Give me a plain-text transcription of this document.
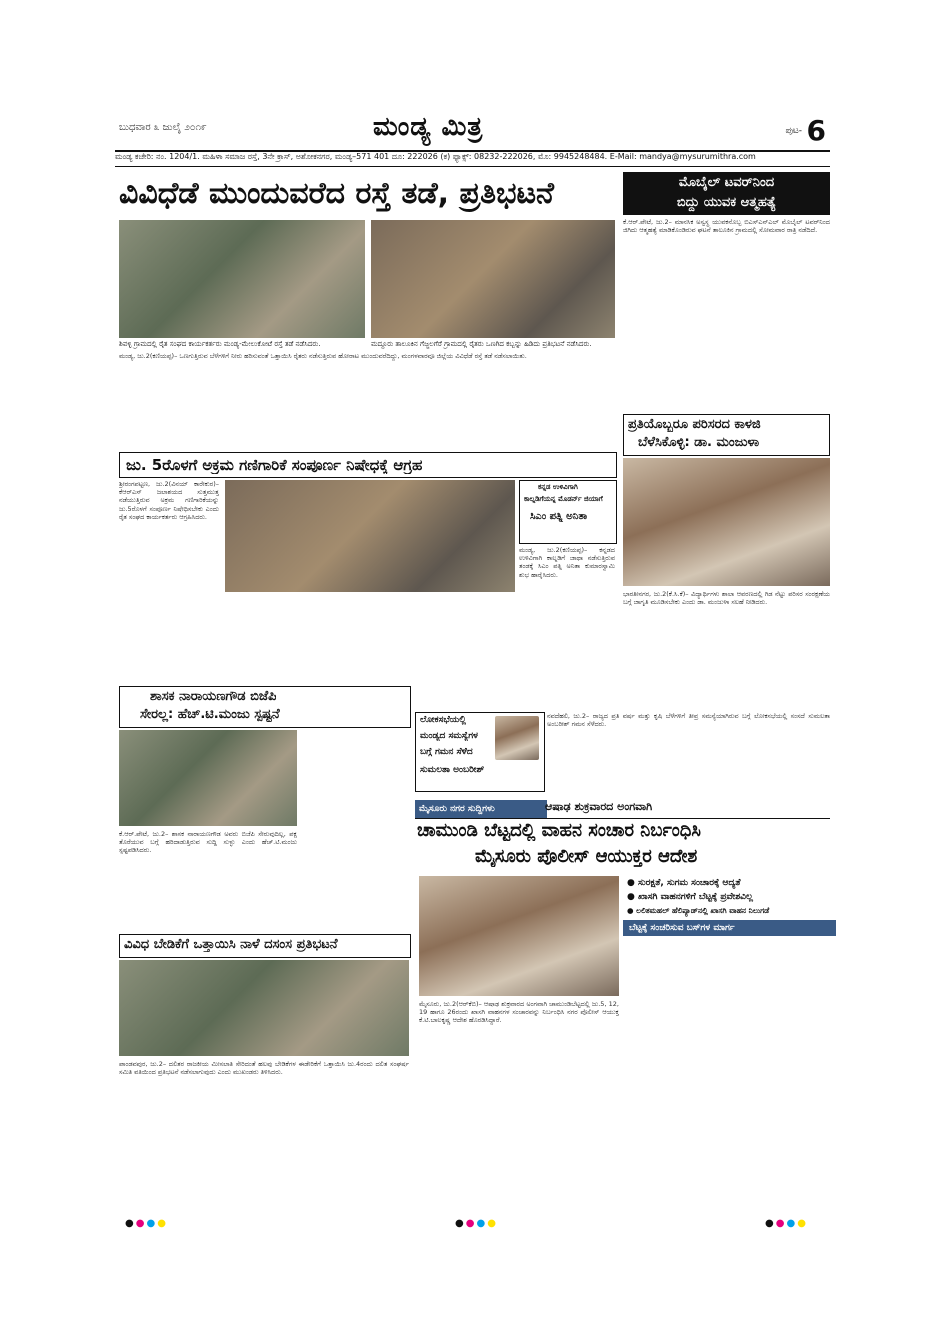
ಬುಧವಾರ ೩ ಜುಲೈ ೨೦೧೯	ಮಂಡ್ಯ ಮಿತ್ರ	ಪುಟ- 6
ಮಂಡ್ಯ ಕಚೇರಿ: ನಂ. 1204/1. ಮಹಿಳಾ ಸಮಾಜ ರಸ್ತೆ, 3ನೇ ಕ್ರಾಸ್, ಅಶೋಕನಗರ, ಮಂಡ್ಯ–571 401 ದೂ: 222026 (ಕ) ಫ್ಯಾಕ್ಸ್: 08232-222026, ಮೊ: 9945248484. E-Mail: mandya@mysurumithra.com
ವಿವಿಧೆಡೆ ಮುಂದುವರೆದ ರಸ್ತೆ ತಡೆ, ಪ್ರತಿಭಟನೆ
ಶಿವಳ್ಳಿ ಗ್ರಾಮದಲ್ಲಿ ರೈತ ಸಂಘದ ಕಾರ್ಯಕರ್ತರು ಮಂಡ್ಯ-ಮೇಲುಕೋಟೆ ರಸ್ತೆ ತಡೆ ನಡೆಸಿದರು.	ಮದ್ದೂರು ತಾಲೂಕಿನ ಗೆಜ್ಜಲಗೆರೆ ಗ್ರಾಮದಲ್ಲಿ ರೈತರು ಒಣಗಿದ ಕಬ್ಬನ್ನು ಹಿಡಿದು ಪ್ರತಿಭಟನೆ ನಡೆಸಿದರು.
ಮಂಡ್ಯ, ಜು.2(ಕಣಿಯಪ್ಪ)– ಒಣಗುತ್ತಿರುವ ಬೆಳೆಗಳಿಗೆ ನೀರು ಹರಿಸುವಂತೆ ಒತ್ತಾಯಿಸಿ ರೈತರು ನಡೆಸುತ್ತಿರುವ ಹೋರಾಟ ಮುಂದುವರೆದಿದ್ದು, ಮಂಗಳವಾರವೂ ಜಿಲ್ಲೆಯ ವಿವಿಧೆಡೆ ರಸ್ತೆ ತಡೆ ನಡೆಸಲಾಯಿತು.
ಮೊಬೈಲ್ ಟವರ್‌ನಿಂದ
ಬಿದ್ದು ಯುವಕ ಆತ್ಮಹತ್ಯೆ
ಕೆ.ಆರ್.ಪೇಟೆ, ಜು.2– ಮಾನಸಿಕ ಅಸ್ವಸ್ಥ ಯುವಕನೊಬ್ಬ ಬಿಎಸ್‌ಎನ್‌ಎಲ್ ಮೊಬೈಲ್ ಟವರ್‌ನಿಂದ ಜಿಗಿದು ಆತ್ಮಹತ್ಯೆ ಮಾಡಿಕೊಂಡಿರುವ ಘಟನೆ ತಾಲೂಕಿನ ಗ್ರಾಮದಲ್ಲಿ ಸೋಮವಾರ ರಾತ್ರಿ ನಡೆದಿದೆ.
ಪ್ರತಿಯೊಬ್ಬರೂ ಪರಿಸರದ ಕಾಳಜಿ
ಬೆಳೆಸಿಕೊಳ್ಳಿ: ಡಾ. ಮಂಜುಳಾ
ಭಾರತೀನಗರ, ಜು.2(ಕೆ.ಸಿ.ಕೆ)– ವಿದ್ಯಾರ್ಥಿಗಳು ಶಾಲಾ ಆವರಣದಲ್ಲಿ ಗಿಡ ನೆಟ್ಟು ಪರಿಸರ ಸಂರಕ್ಷಣೆಯ ಬಗ್ಗೆ ಜಾಗೃತಿ ಮೂಡಿಸಬೇಕು ಎಂದು ಡಾ. ಮಂಜುಳಾ ಸಲಹೆ ನೀಡಿದರು.
ಜು. 5ರೊಳಗೆ ಅಕ್ರಮ ಗಣಿಗಾರಿಕೆ ಸಂಪೂರ್ಣ ನಿಷೇಧಕ್ಕೆ ಆಗ್ರಹ
ಶ್ರೀರಂಗಪಟ್ಟಣ, ಜು.2(ವಿನಯ್ ಕಾರೇಕುರ)– ಕೆಆರ್‌ಎಸ್ ಜಲಾಶಯದ ಸುತ್ತಮುತ್ತ ನಡೆಯುತ್ತಿರುವ ಅಕ್ರಮ ಗಣಿಗಾರಿಕೆಯನ್ನು ಜು.5ರೊಳಗೆ ಸಂಪೂರ್ಣ ನಿಷೇಧಿಸಬೇಕು ಎಂದು ರೈತ ಸಂಘದ ಕಾರ್ಯಕರ್ತರು ಆಗ್ರಹಿಸಿದರು.
ಕನ್ನಡ ಉಳಿವಿಗಾಗಿ
ಕಾಲ್ನಡಿಗೆಯನ್ನ ಮೊಡರ್ನ್ ಜಿಯಾಗೆ
ಸಿಎಂ ಪತ್ನಿ ಅನಿತಾ
ಮಂಡ್ಯ, ಜು.2(ಕಣಿಯಪ್ಪ)– ಕನ್ನಡದ ಉಳಿವಿಗಾಗಿ ಕಾಲ್ನಡಿಗೆ ಜಾಥಾ ನಡೆಸುತ್ತಿರುವ ತಂಡಕ್ಕೆ ಸಿಎಂ ಪತ್ನಿ ಅನಿತಾ ಕುಮಾರಸ್ವಾಮಿ ಶುಭ ಹಾರೈಸಿದರು.
ಶಾಸಕ ನಾರಾಯಣಗೌಡ ಬಿಜೆಪಿ
ಸೇರಲ್ಲ: ಹೆಚ್.ಟಿ.ಮಂಜು ಸ್ಪಷ್ಟನೆ
ಕೆ.ಆರ್.ಪೇಟೆ, ಜು.2– ಶಾಸಕ ನಾರಾಯಣಗೌಡ ಅವರು ಬಿಜೆಪಿ ಸೇರುವುದಿಲ್ಲ, ಪಕ್ಷ ತೊರೆಯುವ ಬಗ್ಗೆ ಹರಿದಾಡುತ್ತಿರುವ ಸುದ್ದಿ ಸುಳ್ಳು ಎಂದು ಹೆಚ್.ಟಿ.ಮಂಜು ಸ್ಪಷ್ಟಪಡಿಸಿದರು.
ಲೋಕಸಭೆಯಲ್ಲಿ
ಮಂಡ್ಯದ ಸಮಸ್ಯೆಗಳ
ಬಗ್ಗೆ ಗಮನ ಸೆಳೆದ
ಸುಮಲತಾ ಅಂಬರೀಶ್
ನವದೆಹಲಿ, ಜು.2– ರಾಜ್ಯದ ಪ್ರತಿ ವರ್ಷ ಮತ್ತು ಕೃಷಿ ಬೆಳೆಗಳಿಗೆ ತೀವ್ರ ಸಮಸ್ಯೆಯಾಗಿರುವ ಬಗ್ಗೆ ಲೋಕಸಭೆಯಲ್ಲಿ ಸಂಸದೆ ಸುಮಲತಾ ಅಂಬರೀಶ್ ಗಮನ ಸೆಳೆದರು.
ಮೈಸೂರು ನಗರ ಸುದ್ದಿಗಳು	ಆಷಾಢ ಶುಕ್ರವಾರದ ಅಂಗವಾಗಿ
ಚಾಮುಂಡಿ ಬೆಟ್ಟದಲ್ಲಿ ವಾಹನ ಸಂಚಾರ ನಿರ್ಬಂಧಿಸಿ
ಮೈಸೂರು ಪೊಲೀಸ್ ಆಯುಕ್ತರ ಆದೇಶ
● ಸುರಕ್ಷತೆ, ಸುಗಮ ಸಂಚಾರಕ್ಕೆ ಆದ್ಯತೆ
● ಖಾಸಗಿ ವಾಹನಗಳಿಗೆ ಬೆಟ್ಟಕ್ಕೆ ಪ್ರವೇಶವಿಲ್ಲ
● ಲಲಿತಮಹಲ್ ಹೆಲಿಪ್ಯಾಡ್‌ನಲ್ಲಿ ಖಾಸಗಿ ವಾಹನ ನಿಲುಗಡೆ
ಬೆಟ್ಟಕ್ಕೆ ಸಂಚರಿಸುವ ಬಸ್‌ಗಳ ಮಾರ್ಗ
ಮೈಸೂರು, ಜು.2(ಆರ್‌ಕೆಬಿ)– ಆಷಾಢ ಶುಕ್ರವಾರದ ಅಂಗವಾಗಿ ಚಾಮುಂಡಿಬೆಟ್ಟದಲ್ಲಿ ಜು.5, 12, 19 ಹಾಗೂ 26ರಂದು ಖಾಸಗಿ ವಾಹನಗಳ ಸಂಚಾರವನ್ನು ನಿರ್ಬಂಧಿಸಿ ನಗರ ಪೊಲೀಸ್ ಆಯುಕ್ತ ಕೆ.ಟಿ.ಬಾಲಕೃಷ್ಣ ಆದೇಶ ಹೊರಡಿಸಿದ್ದಾರೆ.
ವಿವಿಧ ಬೇಡಿಕೆಗೆ ಒತ್ತಾಯಿಸಿ ನಾಳೆ ದಸಂಸ ಪ್ರತಿಭಟನೆ
ಪಾಂಡವಪುರ, ಜು.2– ದಲಿತರ ರಾಜಕೀಯ ಮೀಸಲಾತಿ ಸೇರಿದಂತೆ ಹಲವು ಬೇಡಿಕೆಗಳ ಈಡೇರಿಕೆಗೆ ಒತ್ತಾಯಿಸಿ ಜು.4ರಂದು ದಲಿತ ಸಂಘರ್ಷ ಸಮಿತಿ ವತಿಯಿಂದ ಪ್ರತಿಭಟನೆ ನಡೆಸಲಾಗುವುದು ಎಂದು ಮುಖಂಡರು ತಿಳಿಸಿದರು.
●●●●	●●●●	●●●●
